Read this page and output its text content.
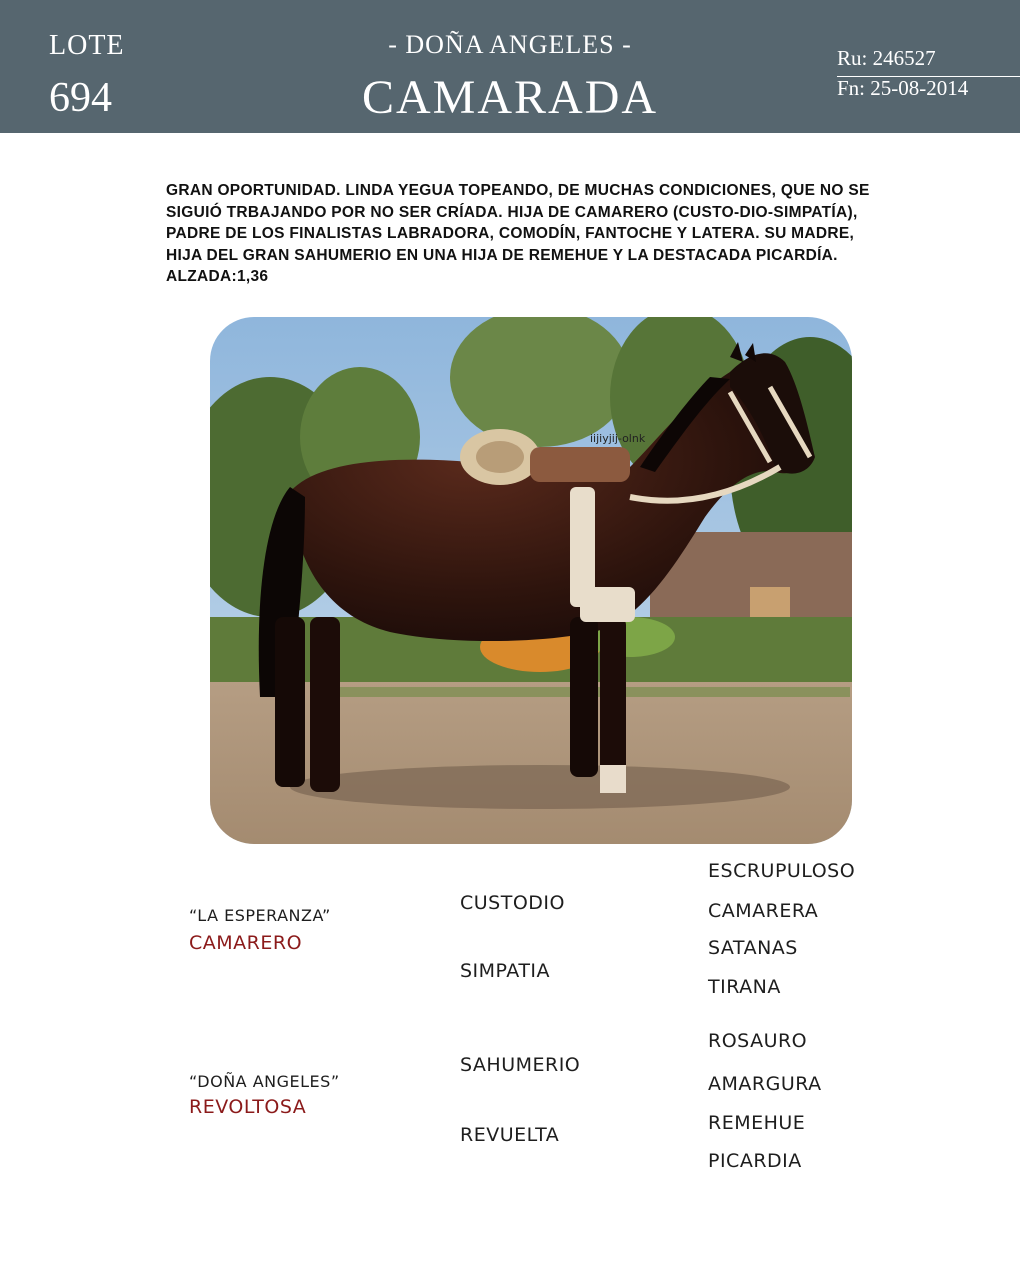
LOTE
694
- DOÑA ANGELES -
CAMARADA
Ru: 246527
Fn: 25-08-2014
GRAN OPORTUNIDAD. LINDA YEGUA TOPEANDO, DE MUCHAS CONDICIONES, QUE NO SE SIGUIÓ TRBAJANDO POR NO SER CRÍADA. HIJA DE CAMARERO (CUSTO-DIO-SIMPATÍA), PADRE DE LOS FINALISTAS LABRADORA, COMODÍN, FANTOCHE Y LATERA. SU MADRE, HIJA DEL GRAN SAHUMERIO EN UNA HIJA DE REMEHUE Y LA DESTACADA PICARDÍA. ALZADA:1,36
iijiyjij-olnk
“LA ESPERANZA”
CAMARERO
“DOÑA ANGELES”
REVOLTOSA
CUSTODIO
SIMPATIA
SAHUMERIO
REVUELTA
ESCRUPULOSO
CAMARERA
SATANAS
TIRANA
ROSAURO
AMARGURA
REMEHUE
PICARDIA
